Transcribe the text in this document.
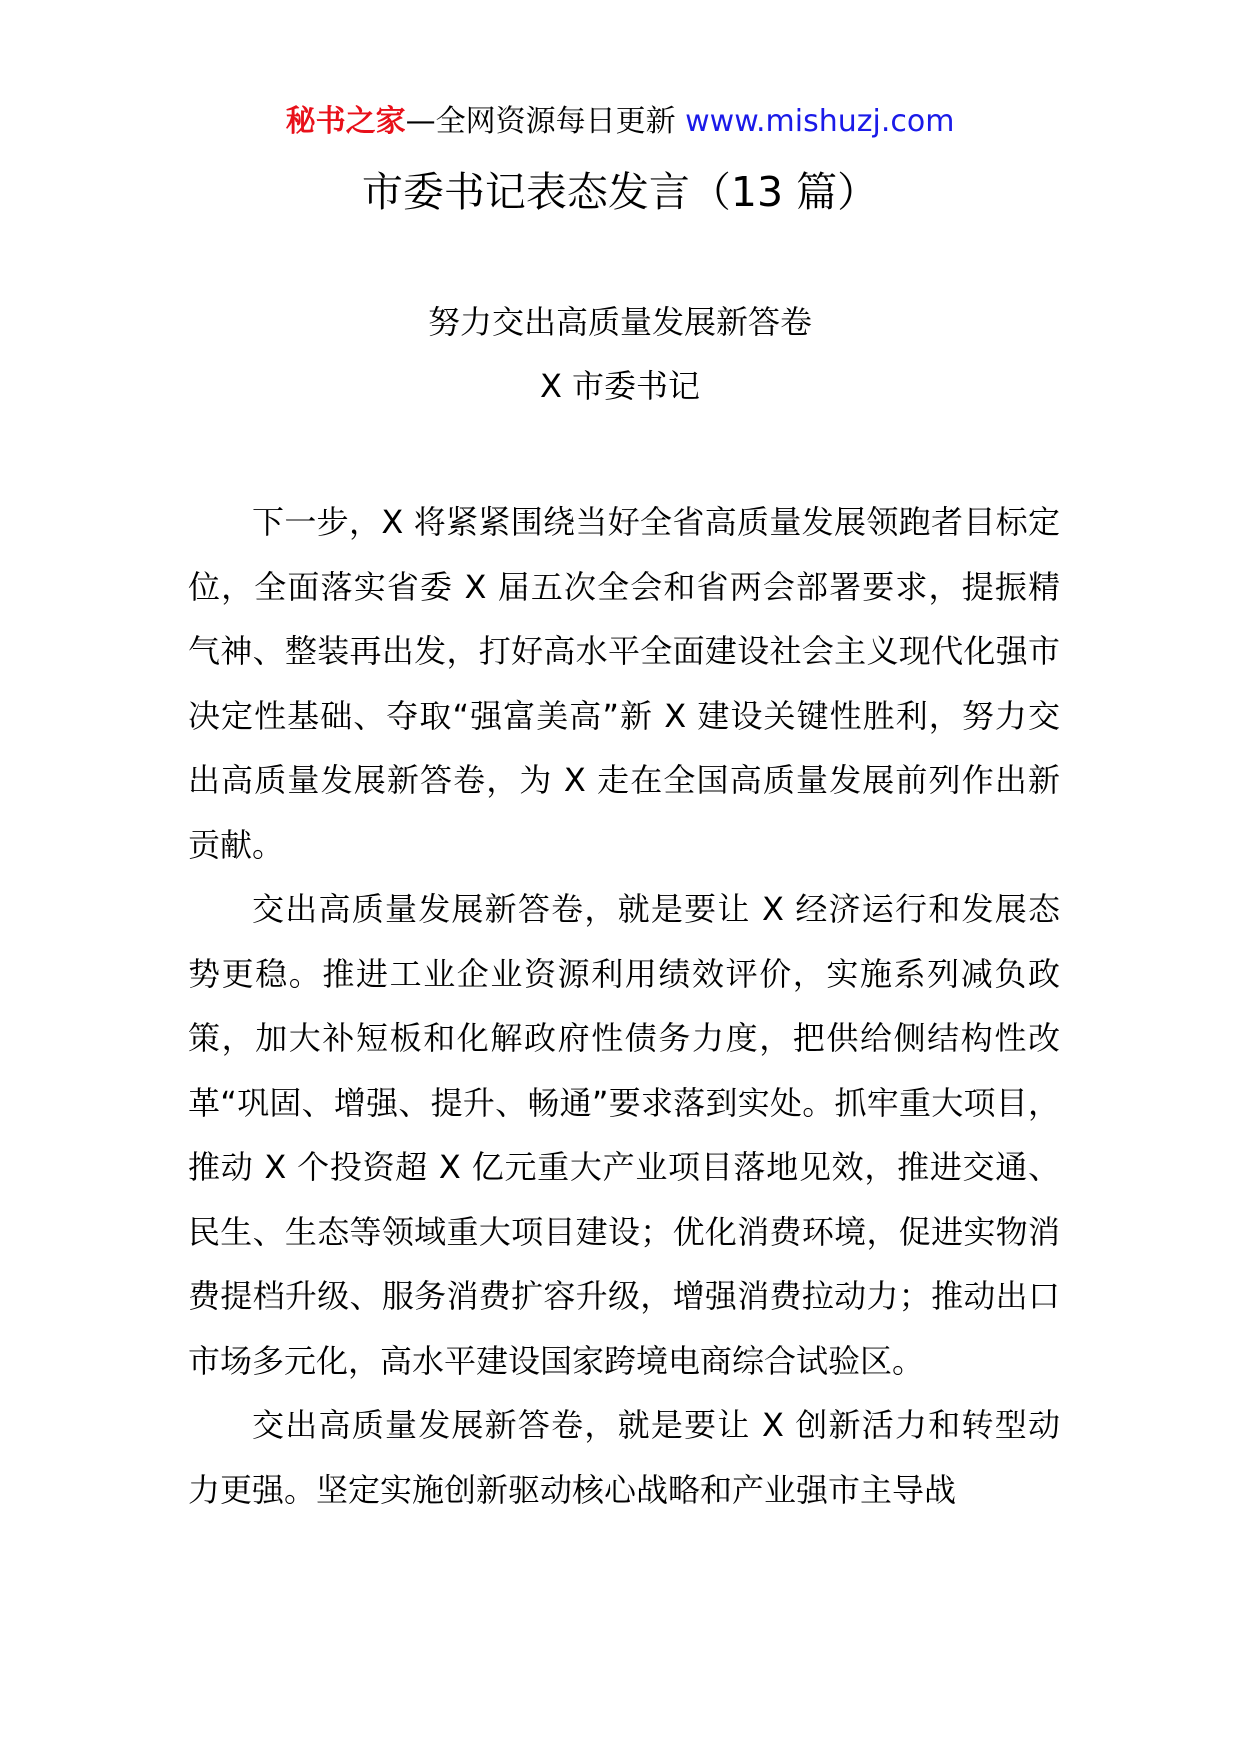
秘书之家—全网资源每日更新 www.mishuzj.com
市委书记表态发言（13 篇）
努力交出高质量发展新答卷
X 市委书记

下一步，X 将紧紧围绕当好全省高质量发展领跑者目标定位，全面落实省委 X 届五次全会和省两会部署要求，提振精气神、整装再出发，打好高水平全面建设社会主义现代化强市决定性基础、夺取“强富美高”新 X 建设关键性胜利，努力交出高质量发展新答卷，为 X 走在全国高质量发展前列作出新贡献。

交出高质量发展新答卷，就是要让 X 经济运行和发展态势更稳。推进工业企业资源利用绩效评价，实施系列减负政策，加大补短板和化解政府性债务力度，把供给侧结构性改革“巩固、增强、提升、畅通”要求落到实处。抓牢重大项目，推动 X 个投资超 X 亿元重大产业项目落地见效，推进交通、民生、生态等领域重大项目建设；优化消费环境，促进实物消费提档升级、服务消费扩容升级，增强消费拉动力；推动出口市场多元化，高水平建设国家跨境电商综合试验区。

交出高质量发展新答卷，就是要让 X 创新活力和转型动力更强。坚定实施创新驱动核心战略和产业强市主导战
